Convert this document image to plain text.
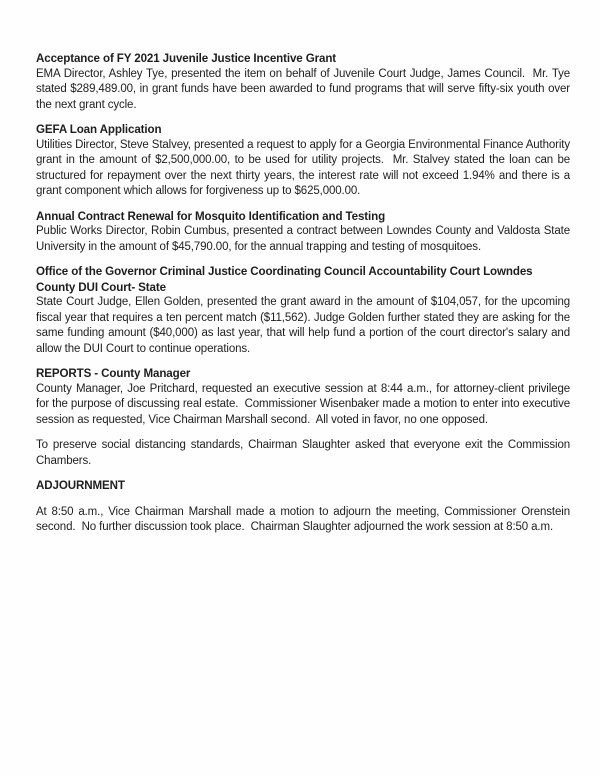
Acceptance of FY 2021 Juvenile Justice Incentive Grant

EMA Director, Ashley Tye, presented the item on behalf of Juvenile Court Judge, James Council.  Mr. Tye stated $289,489.00, in grant funds have been awarded to fund programs that will serve fifty-six youth over the next grant cycle.

GEFA Loan Application

Utilities Director, Steve Stalvey, presented a request to apply for a Georgia Environmental Finance Authority grant in the amount of $2,500,000.00, to be used for utility projects.  Mr. Stalvey stated the loan can be structured for repayment over the next thirty years, the interest rate will not exceed 1.94% and there is a grant component which allows for forgiveness up to $625,000.00.

Annual Contract Renewal for Mosquito Identification and Testing

Public Works Director, Robin Cumbus, presented a contract between Lowndes County and Valdosta State University in the amount of $45,790.00, for the annual trapping and testing of mosquitoes.

Office of the Governor Criminal Justice Coordinating Council Accountability Court Lowndes County DUI Court- State

State Court Judge, Ellen Golden, presented the grant award in the amount of $104,057, for the upcoming fiscal year that requires a ten percent match ($11,562). Judge Golden further stated they are asking for the same funding amount ($40,000) as last year, that will help fund a portion of the court director's salary and allow the DUI Court to continue operations.

REPORTS - County Manager

County Manager, Joe Pritchard, requested an executive session at 8:44 a.m., for attorney-client privilege for the purpose of discussing real estate.  Commissioner Wisenbaker made a motion to enter into executive session as requested, Vice Chairman Marshall second.  All voted in favor, no one opposed.

To preserve social distancing standards, Chairman Slaughter asked that everyone exit the Commission Chambers.

ADJOURNMENT

At 8:50 a.m., Vice Chairman Marshall made a motion to adjourn the meeting, Commissioner Orenstein second.  No further discussion took place.  Chairman Slaughter adjourned the work session at 8:50 a.m.
